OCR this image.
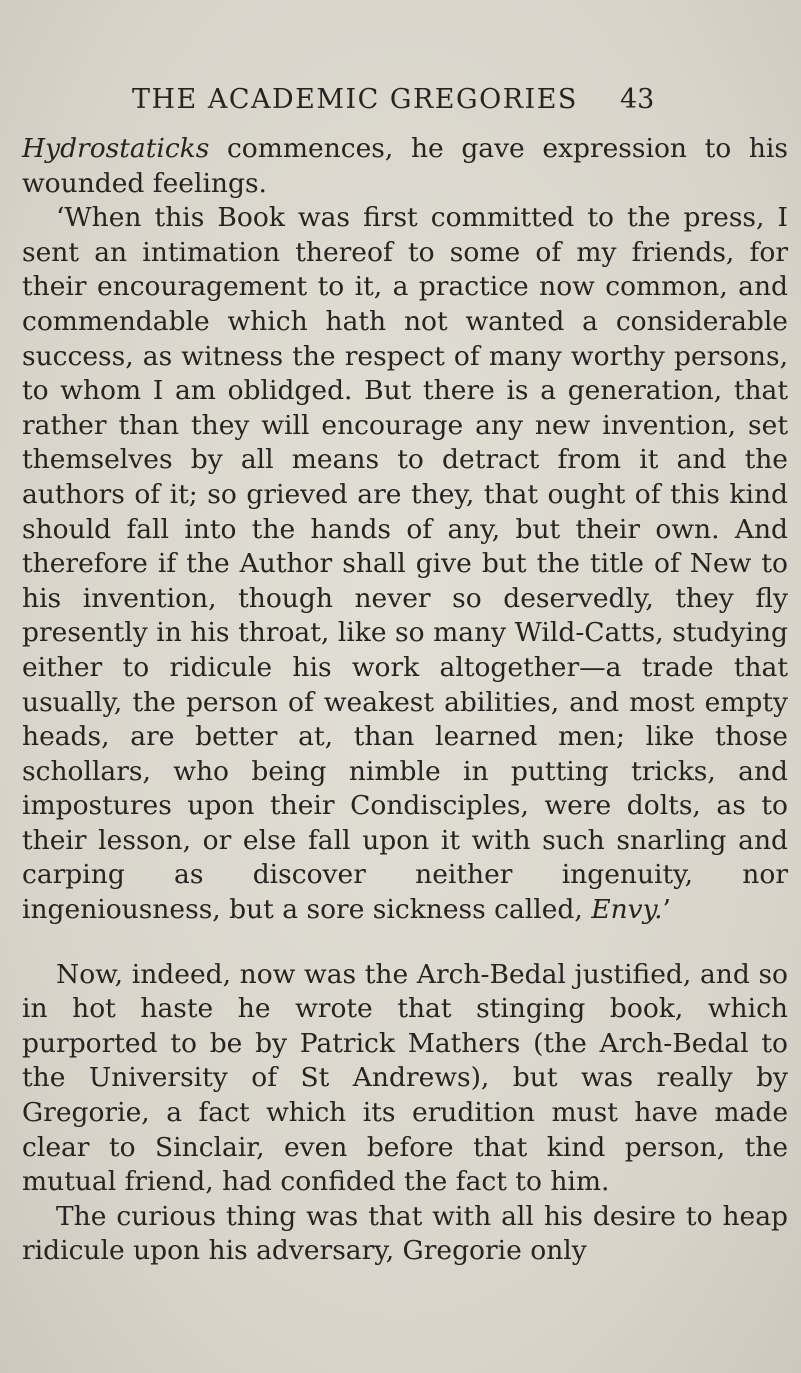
THE ACADEMIC GREGORIES 43

Hydrostaticks commences, he gave expression to his wounded feelings.

‘When this Book was first committed to the press, I sent an intimation thereof to some of my friends, for their encouragement to it, a practice now common, and commendable which hath not wanted a considerable success, as witness the respect of many worthy persons, to whom I am oblidged. But there is a generation, that rather than they will encourage any new invention, set themselves by all means to detract from it and the authors of it; so grieved are they, that ought of this kind should fall into the hands of any, but their own. And therefore if the Author shall give but the title of New to his invention, though never so deservedly, they fly presently in his throat, like so many Wild-Catts, studying either to ridicule his work altogether—a trade that usually, the person of weakest abilities, and most empty heads, are better at, than learned men; like those schollars, who being nimble in putting tricks, and impostures upon their Condisciples, were dolts, as to their lesson, or else fall upon it with such snarling and carping as discover neither ingenuity, nor ingeniousness, but a sore sickness called, Envy.’

Now, indeed, now was the Arch-Bedal justified, and so in hot haste he wrote that stinging book, which purported to be by Patrick Mathers (the Arch-Bedal to the University of St Andrews), but was really by Gregorie, a fact which its erudition must have made clear to Sinclair, even before that kind person, the mutual friend, had confided the fact to him.

The curious thing was that with all his desire to heap ridicule upon his adversary, Gregorie only
